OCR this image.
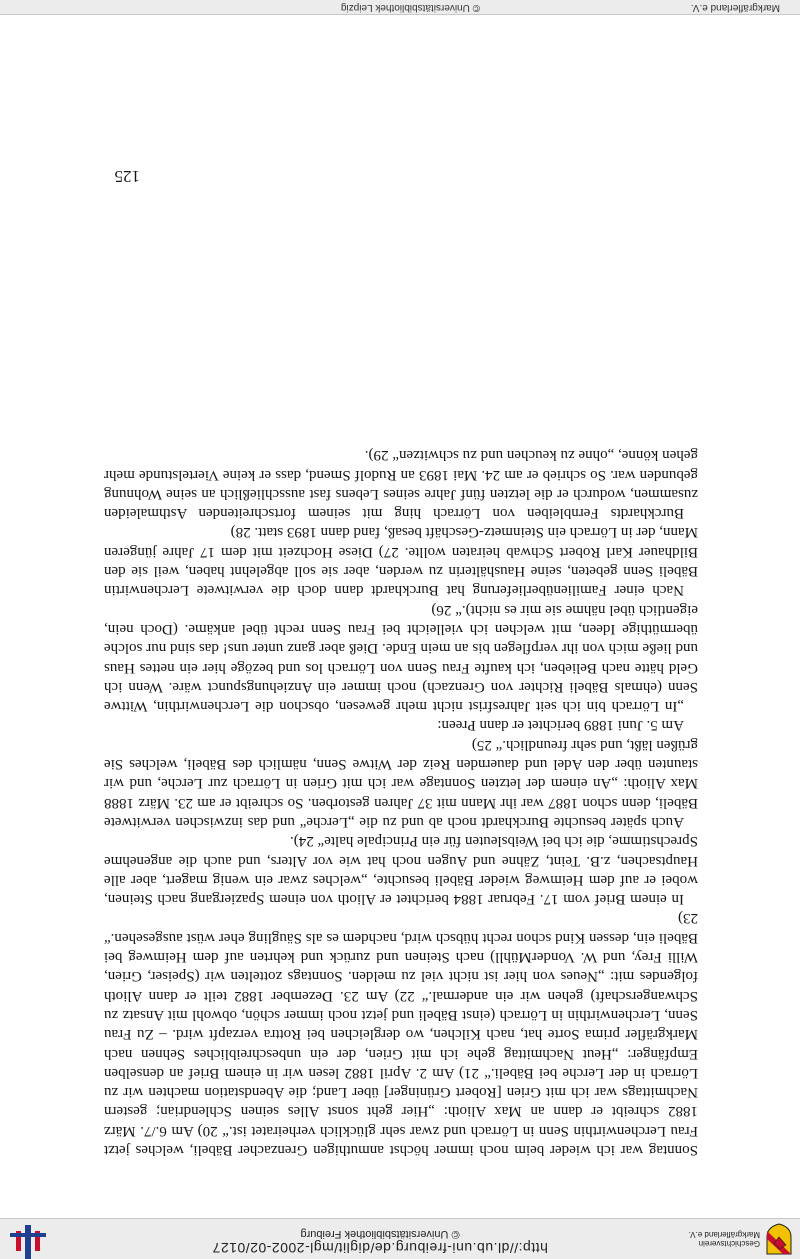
Geschichtsverein
Markgräflerland e.V.
http://dl.ub.uni-freiburg.de/diglit/mgl-2002-02/0127
© Universitätsbibliothek Freiburg

Sonntag war ich wieder beim noch immer höchst anmuthigen Grenzacher Bäbeli, welches jetzt Frau Lerchenwirthin Senn in Lörrach und zwar sehr glücklich verheiratet ist.“ 20) Am 6./7. März 1882 schreibt er dann an Max Alioth: „Hier geht sonst Alles seinen Schlendrian; gestern Nachmittags war ich mit Grien [Robert Grüninger] über Land; die Abendstation machten wir zu Lörrach in der Lerche bei Bäbeli.“ 21) Am 2. April 1882 lesen wir in einem Brief an denselben Empfänger: „Heut Nachmittag gehe ich mit Grien, der ein unbeschreibliches Sehnen nach Markgräfler prima Sorte hat, nach Kilchen, wo dergleichen bei Rottra verzapft wird. – Zu Frau Senn, Lerchenwirthin in Lörrach (einst Bäbeli und jetzt noch immer schön, obwohl mit Ansatz zu Schwangerschaft) gehen wir ein andermal.“ 22) Am 23. Dezember 1882 teilt er dann Alioth folgendes mit: „Neues von hier ist nicht viel zu melden. Sonntags zottelten wir (Speiser, Grien, Willi Frey, und W. VonderMühll) nach Steinen und zurück und kehrten auf dem Heimweg bei Bäbeli ein, dessen Kind schon recht hübsch wird, nachdem es als Säugling eher wüst ausgesehen.“ 23)

In einem Brief vom 17. Februar 1884 berichtet er Alioth von einem Spaziergang nach Steinen, wobei er auf dem Heimweg wieder Bäbeli besuchte, „welches zwar ein wenig magert, aber alle Hauptsachen, z.B. Teint, Zähne und Augen noch hat wie vor Alters, und auch die angenehme Sprechstimme, die ich bei Weibsleuten für ein Principale halte“ 24).

Auch später besuchte Burckhardt noch ab und zu die „Lerche“ und das inzwischen verwitwete Bäbeli, denn schon 1887 war ihr Mann mit 37 Jahren gestorben. So schreibt er am 23. März 1888 Max Alioth: „An einem der letzten Sonntage war ich mit Grien in Lörrach zur Lerche, und wir staunten über den Adel und dauernden Reiz der Witwe Senn, nämlich des Bäbeli, welches Sie grüßen läßt, und sehr freundlich.“ 25)

Am 5. Juni 1889 berichtet er dann Preen:

„In Lörrach bin ich seit Jahresfrist nicht mehr gewesen, obschon die Lerchenwirthin, Wittwe Senn (ehmals Bäbeli Richter von Grenzach) noch immer ein Anziehungspunct wäre. Wenn ich Geld hätte nach Belieben, ich kaufte Frau Senn von Lörrach los und bezöge hier ein nettes Haus und ließe mich von ihr verpflegen bis an mein Ende. Dieß aber ganz unter uns! das sind nur solche übermüthige Ideen, mit welchen ich vielleicht bei Frau Senn recht übel ankäme. (Doch nein, eigentlich übel nähme sie mir es nicht).“ 26)

Nach einer Familienüberlieferung hat Burckhardt dann doch die verwitwete Lerchenwirtin Bäbeli Senn gebeten, seine Haushälterin zu werden, aber sie soll abgelehnt haben, weil sie den Bildhauer Karl Robert Schwab heiraten wollte. 27) Diese Hochzeit mit dem 17 Jahre jüngeren Mann, der in Lörrach ein Steinmetz-Geschäft besaß, fand dann 1893 statt. 28)

Burckhardts Fernbleiben von Lörrach hing mit seinem fortschreitenden Asthmaleiden zusammen, wodurch er die letzten fünf Jahre seines Lebens fast ausschließlich an seine Wohnung gebunden war. So schrieb er am 24. Mai 1893 an Rudolf Smend, dass er keine Viertelstunde mehr gehen könne, „ohne zu keuchen und zu schwitzen“ 29).

125
© Universitätsbibliothek Leipzig	Markgräflerland e.V.
